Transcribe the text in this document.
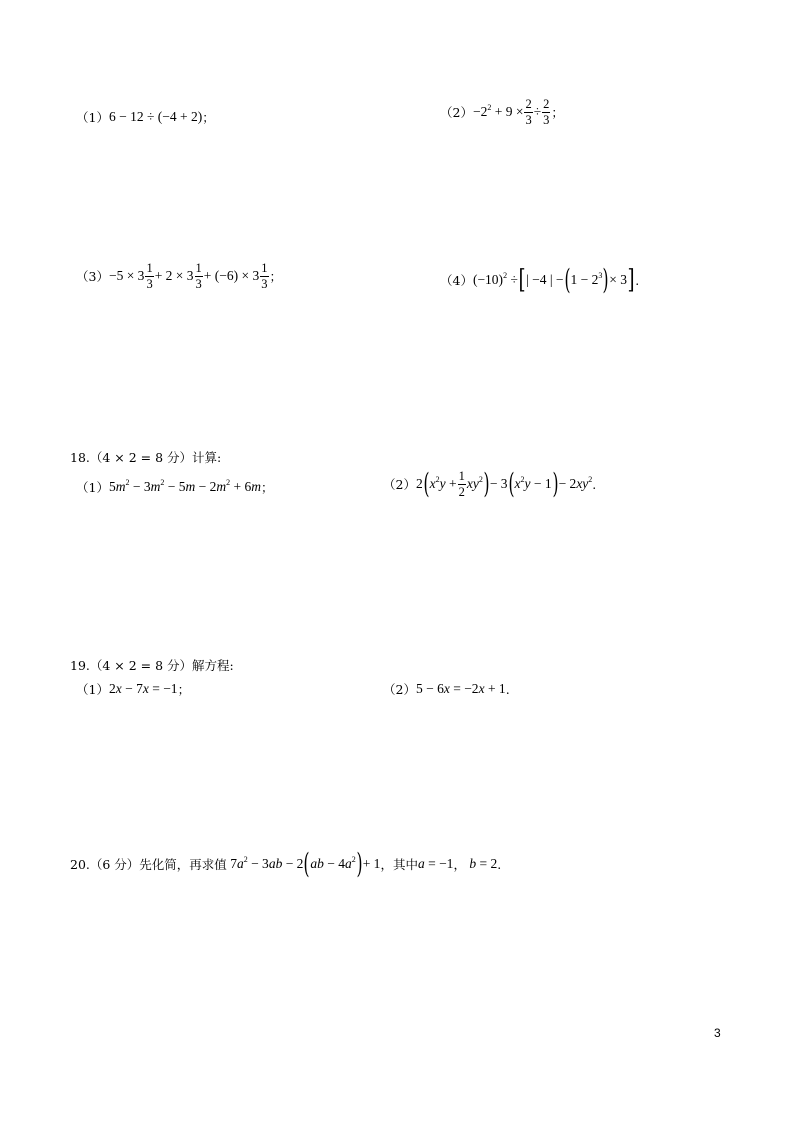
（1） 6 − 12 ÷ (−4 + 2) ；	$(2) -2^2 + 9 \times \frac{2}{3} \div \frac{2}{3}$ ；
$(3) -5 \times 3 \frac{1}{3} + 2 \times 3 \frac{1}{3} + (-6) \times 3 \frac{1}{3}$ ；	（4） $(-10)^2$ ÷ [ | −4 | − ( $1 - 2^3$ ) × 3 ] .
18.（4 × 2 = 8 分）计算:
（1） $5m^2 - 3m^2 - 5m - 2m^2 + 6m$ ；	（2） 2 ( $x^2y + \frac{1}{2} xy^2$ ) − 3 ( $x^2y - 1$ ) − $2xy^2$ .
19.（4 × 2 = 8 分）解方程:
（1） 2x − 7x = −1 ；	（2） 5 − 6x = −2x + 1 .
20.（6 分）先化简，再求值 $7a^2 - 3ab - 2$ ( ab − $4a^2$ ) + 1 ，其中 a = −1 ， b = 2 .
3
